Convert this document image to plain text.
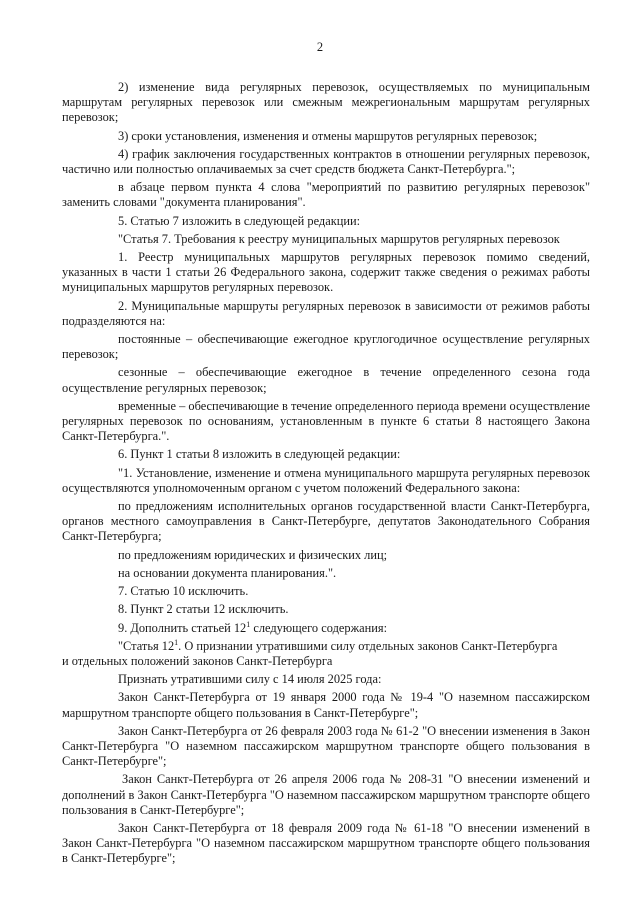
2

2) изменение вида регулярных перевозок, осуществляемых по муниципальным маршрутам регулярных перевозок или смежным межрегиональным маршрутам регулярных перевозок;

3) сроки установления, изменения и отмены маршрутов регулярных перевозок;

4) график заключения государственных контрактов в отношении регулярных перевозок, частично или полностью оплачиваемых за счет средств бюджета Санкт-Петербурга.";

в абзаце первом пункта 4 слова "мероприятий по развитию регулярных перевозок" заменить словами "документа планирования".

5. Статью 7 изложить в следующей редакции:

"Статья 7. Требования к реестру муниципальных маршрутов регулярных перевозок

1. Реестр муниципальных маршрутов регулярных перевозок помимо сведений, указанных в части 1 статьи 26 Федерального закона, содержит также сведения о режимах работы муниципальных маршрутов регулярных перевозок.

2. Муниципальные маршруты регулярных перевозок в зависимости от режимов работы подразделяются на:

постоянные – обеспечивающие ежегодное круглогодичное осуществление регулярных перевозок;

сезонные – обеспечивающие ежегодное в течение определенного сезона года осуществление регулярных перевозок;

временные – обеспечивающие в течение определенного периода времени осуществление регулярных перевозок по основаниям, установленным в пункте 6 статьи 8 настоящего Закона Санкт-Петербурга.".

6. Пункт 1 статьи 8 изложить в следующей редакции:

"1. Установление, изменение и отмена муниципального маршрута регулярных перевозок осуществляются уполномоченным органом с учетом положений Федерального закона:

по предложениям исполнительных органов государственной власти Санкт-Петербурга, органов местного самоуправления в Санкт-Петербурге, депутатов Законодательного Собрания Санкт-Петербурга;

по предложениям юридических и физических лиц;

на основании документа планирования.".

7. Статью 10 исключить.

8. Пункт 2 статьи 12 исключить.

9. Дополнить статьей $12^1$ следующего содержания:

"Статья $12^1$. О признании утратившими силу отдельных законов Санкт-Петербурга

и отдельных положений законов Санкт-Петербурга

Признать утратившими силу с 14 июля 2025 года:

Закон Санкт-Петербурга от 19 января 2000 года № 19-4 "О наземном пассажирском маршрутном транспорте общего пользования в Санкт-Петербурге";

Закон Санкт-Петербурга от 26 февраля 2003 года № 61-2 "О внесении изменения в Закон Санкт-Петербурга "О наземном пассажирском маршрутном транспорте общего пользования в Санкт-Петербурге";

Закон Санкт-Петербурга от 26 апреля 2006 года № 208-31 "О внесении изменений и дополнений в Закон Санкт-Петербурга "О наземном пассажирском маршрутном транспорте общего пользования в Санкт-Петербурге";

Закон Санкт-Петербурга от 18 февраля 2009 года № 61-18 "О внесении изменений в Закон Санкт-Петербурга "О наземном пассажирском маршрутном транспорте общего пользования в Санкт-Петербурге";
